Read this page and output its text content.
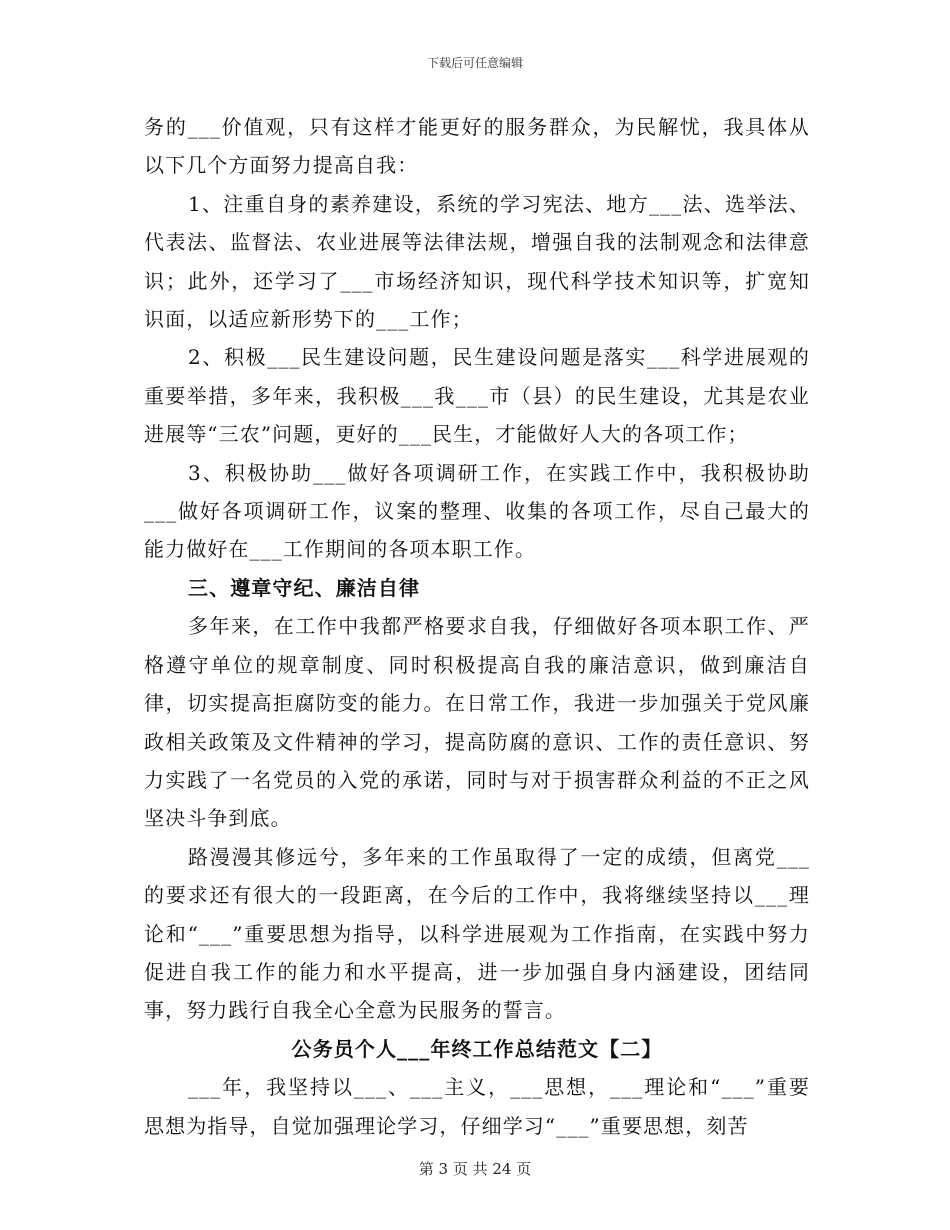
下载后可任意编辑

务的___价值观，只有这样才能更好的服务群众，为民解忧，我具体从以下几个方面努力提高自我：

1、注重自身的素养建设，系统的学习宪法、地方___法、选举法、代表法、监督法、农业进展等法律法规，增强自我的法制观念和法律意识；此外，还学习了___市场经济知识，现代科学技术知识等，扩宽知识面，以适应新形势下的___工作；

2、积极___民生建设问题，民生建设问题是落实___科学进展观的重要举措，多年来，我积极___我___市（县）的民生建设，尤其是农业进展等“三农”问题，更好的___民生，才能做好人大的各项工作；

3、积极协助___做好各项调研工作，在实践工作中，我积极协助___做好各项调研工作，议案的整理、收集的各项工作，尽自己最大的能力做好在___工作期间的各项本职工作。

三、遵章守纪、廉洁自律

多年来，在工作中我都严格要求自我，仔细做好各项本职工作、严格遵守单位的规章制度、同时积极提高自我的廉洁意识，做到廉洁自律，切实提高拒腐防变的能力。在日常工作，我进一步加强关于党风廉政相关政策及文件精神的学习，提高防腐的意识、工作的责任意识、努力实践了一名党员的入党的承诺，同时与对于损害群众利益的不正之风坚决斗争到底。

路漫漫其修远兮，多年来的工作虽取得了一定的成绩，但离党___的要求还有很大的一段距离，在今后的工作中，我将继续坚持以___理论和“___”重要思想为指导，以科学进展观为工作指南，在实践中努力促进自我工作的能力和水平提高，进一步加强自身内涵建设，团结同事，努力践行自我全心全意为民服务的誓言。

公务员个人___年终工作总结范文【二】

___年，我坚持以___、___主义，___思想，___理论和“___”重要思想为指导，自觉加强理论学习，仔细学习“___”重要思想，刻苦

第 3 页 共 24 页
